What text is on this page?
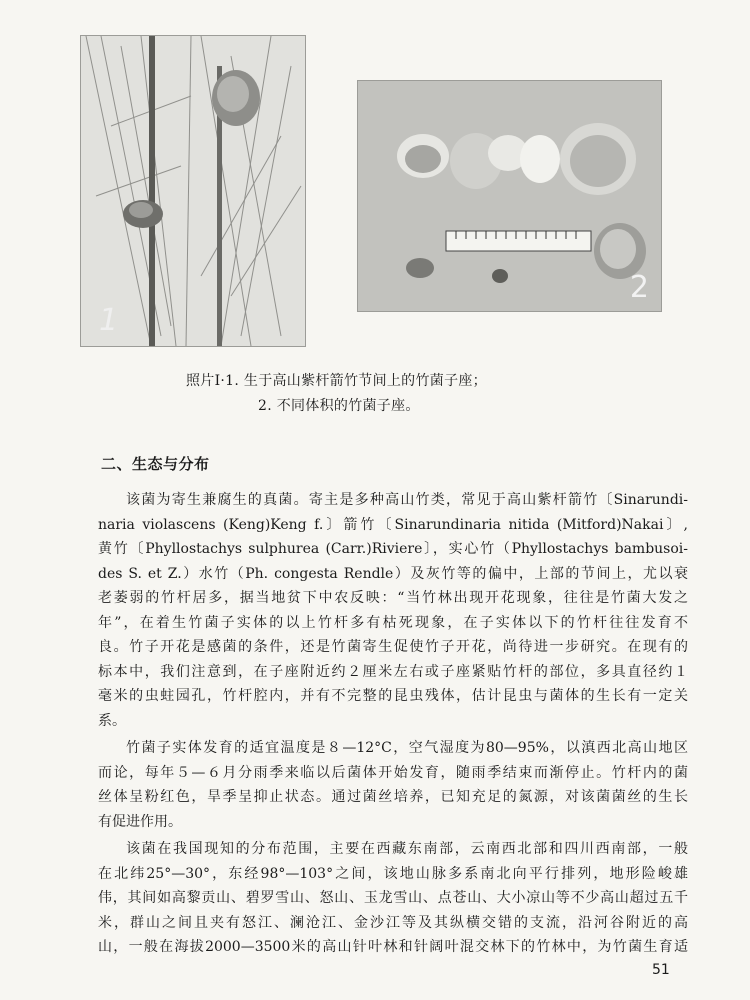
1
2
照片Ⅰ·1. 生于高山紫杆箭竹节间上的竹菌子座；
2. 不同体积的竹菌子座。
二、生态与分布
该菌为寄生兼腐生的真菌。寄主是多种高山竹类，常见于高山紫杆箭竹〔Sinarundi-
naria violascens (Keng)Keng f.〕箭竹〔Sinarundinaria nitida (Mitford)Nakai〕,
黄竹〔Phyllostachys sulphurea (Carr.)Riviere〕，实心竹（Phyllostachys bambusoi-
des S. et Z.）水竹（Ph. congesta Rendle）及灰竹等的偏中，上部的节间上，尤以衰
老萎弱的竹杆居多，据当地贫下中农反映：“当竹林出现开花现象，往往是竹菌大发之
年”，在着生竹菌子实体的以上竹杆多有枯死现象，在子实体以下的竹杆往往发育不
良。竹子开花是感菌的条件，还是竹菌寄生促使竹子开花，尚待进一步研究。在现有的
标本中，我们注意到，在子座附近约２厘米左右或子座紧贴竹杆的部位，多具直径约１
毫米的虫蛀园孔，竹杆腔内，并有不完整的昆虫残体，估计昆虫与菌体的生长有一定关
系。
竹菌子实体发育的适宜温度是８—12°C，空气湿度为80—95%，以滇西北高山地区
而论，每年５—６月分雨季来临以后菌体开始发育，随雨季结束而渐停止。竹杆内的菌
丝体呈粉红色，旱季呈抑止状态。通过菌丝培养，已知充足的氮源，对该菌菌丝的生长
有促进作用。
该菌在我国现知的分布范围，主要在西藏东南部，云南西北部和四川西南部，一般
在北纬25°—30°，东经98°—103°之间，该地山脉多系南北向平行排列，地形险峻雄
伟，其间如高黎贡山、碧罗雪山、怒山、玉龙雪山、点苍山、大小凉山等不少高山超过五千
米，群山之间且夹有怒江、澜沧江、金沙江等及其纵横交错的支流，沿河谷附近的高
山，一般在海拔2000—3500米的高山针叶林和针阔叶混交林下的竹林中，为竹菌生育适
51
